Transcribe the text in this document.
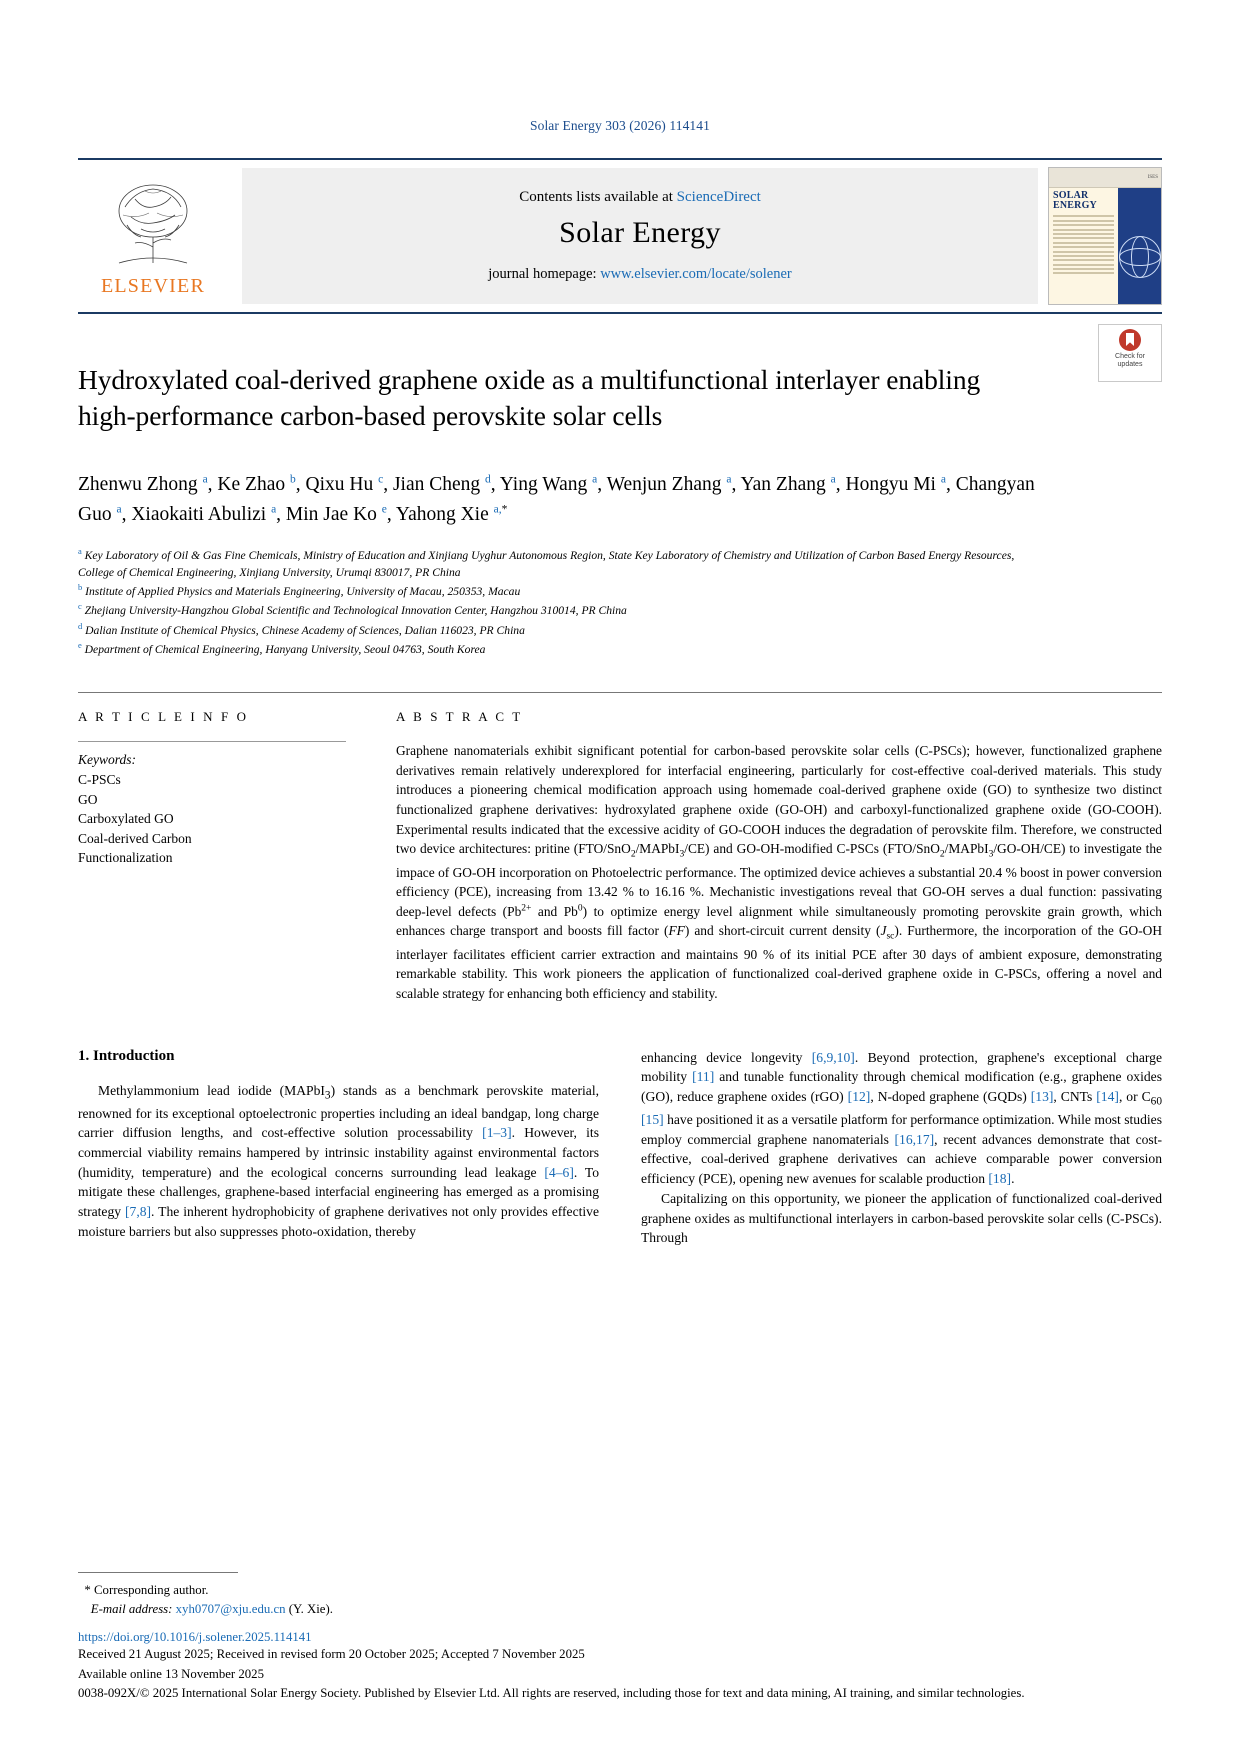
Solar Energy 303 (2026) 114141
ELSEVIER
Contents lists available at ScienceDirect
Solar Energy
journal homepage: www.elsevier.com/locate/solener

ISES
SOLAR
ENERGY
Check for
updates
Hydroxylated coal-derived graphene oxide as a multifunctional interlayer enabling high-performance carbon-based perovskite solar cells
Zhenwu Zhong $^a$, Ke Zhao $^b$, Qixu Hu $^c$, Jian Cheng $^d$, Ying Wang $^a$, Wenjun Zhang $^a$, Yan Zhang $^a$, Hongyu Mi $^a$, Changyan Guo $^a$, Xiaokaiti Abulizi $^a$, Min Jae Ko $^e$, Yahong Xie $^{a,*}$
$^a$ Key Laboratory of Oil & Gas Fine Chemicals, Ministry of Education and Xinjiang Uyghur Autonomous Region, State Key Laboratory of Chemistry and Utilization of Carbon Based Energy Resources, College of Chemical Engineering, Xinjiang University, Urumqi 830017, PR China
$^b$ Institute of Applied Physics and Materials Engineering, University of Macau, 250353, Macau
$^c$ Zhejiang University-Hangzhou Global Scientific and Technological Innovation Center, Hangzhou 310014, PR China
$^d$ Dalian Institute of Chemical Physics, Chinese Academy of Sciences, Dalian 116023, PR China
$^e$ Department of Chemical Engineering, Hanyang University, Seoul 04763, South Korea
A R T I C L E I N F O
Keywords:
C-PSCs
GO
Carboxylated GO
Coal-derived Carbon
Functionalization
A B S T R A C T
Graphene nanomaterials exhibit significant potential for carbon-based perovskite solar cells (C-PSCs); however, functionalized graphene derivatives remain relatively underexplored for interfacial engineering, particularly for cost-effective coal-derived materials. This study introduces a pioneering chemical modification approach using homemade coal-derived graphene oxide (GO) to synthesize two distinct functionalized graphene derivatives: hydroxylated graphene oxide (GO-OH) and carboxyl-functionalized graphene oxide (GO-COOH). Experimental results indicated that the excessive acidity of GO-COOH induces the degradation of perovskite film. Therefore, we constructed two device architectures: pritine (FTO/SnO$_2$/MAPbI$_3$/CE) and GO-OH-modified C-PSCs (FTO/SnO$_2$/MAPbI$_3$/GO-OH/CE) to investigate the impace of GO-OH incorporation on Photoelectric performance. The optimized device achieves a substantial 20.4 % boost in power conversion efficiency (PCE), increasing from 13.42 % to 16.16 %. Mechanistic investigations reveal that GO-OH serves a dual function: passivating deep-level defects ($Pb^{2+}$ and Pb$^0$) to optimize energy level alignment while simultaneously promoting perovskite grain growth, which enhances charge transport and boosts fill factor (FF) and short-circuit current density $(J_{sc})$. Furthermore, the incorporation of the GO-OH interlayer facilitates efficient carrier extraction and maintains 90 % of its initial PCE after 30 days of ambient exposure, demonstrating remarkable stability. This work pioneers the application of functionalized coal-derived graphene oxide in C-PSCs, offering a novel and scalable strategy for enhancing both efficiency and stability.
1. Introduction

Methylammonium lead iodide (MAPbI$_3$) stands as a benchmark perovskite material, renowned for its exceptional optoelectronic properties including an ideal bandgap, long charge carrier diffusion lengths, and cost-effective solution processability [1–3]. However, its commercial viability remains hampered by intrinsic instability against environmental factors (humidity, temperature) and the ecological concerns surrounding lead leakage [4–6]. To mitigate these challenges, graphene-based interfacial engineering has emerged as a promising strategy [7,8]. The inherent hydrophobicity of graphene derivatives not only provides effective moisture barriers but also suppresses photo-oxidation, thereby

enhancing device longevity [6,9,10]. Beyond protection, graphene's exceptional charge mobility [11] and tunable functionality through chemical modification (e.g., graphene oxides (GO), reduce graphene oxides (rGO) [12], N-doped graphene (GQDs) [13], CNTs [14], or $C_{60}$ [15] have positioned it as a versatile platform for performance optimization. While most studies employ commercial graphene nanomaterials [16,17], recent advances demonstrate that cost-effective, coal-derived graphene derivatives can achieve comparable power conversion efficiency (PCE), opening new avenues for scalable production [18].

Capitalizing on this opportunity, we pioneer the application of functionalized coal-derived graphene oxides as multifunctional interlayers in carbon-based perovskite solar cells (C-PSCs). Through

* Corresponding author.
E-mail address: xyh0707@xju.edu.cn (Y. Xie).
https://doi.org/10.1016/j.solener.2025.114141
Received 21 August 2025; Received in revised form 20 October 2025; Accepted 7 November 2025
Available online 13 November 2025
0038-092X/© 2025 International Solar Energy Society. Published by Elsevier Ltd. All rights are reserved, including those for text and data mining, AI training, and similar technologies.
